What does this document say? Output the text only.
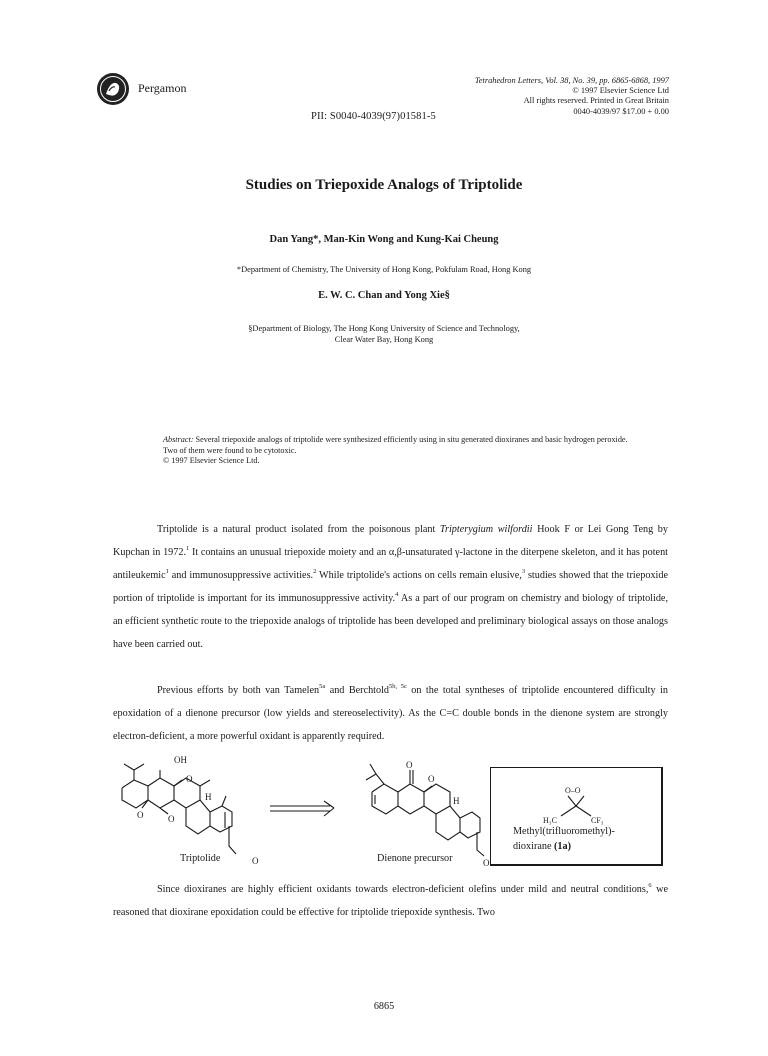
Pergamon
Tetrahedron Letters, Vol. 38, No. 39, pp. 6865-6868, 1997
© 1997 Elsevier Science Ltd
All rights reserved. Printed in Great Britain
0040-4039/97 $17.00 + 0.00
PII: S0040-4039(97)01581-5
Studies on Triepoxide Analogs of Triptolide
Dan Yang*, Man-Kin Wong and Kung-Kai Cheung
*Department of Chemistry, The University of Hong Kong, Pokfulam Road, Hong Kong
E. W. C. Chan and Yong Xie§
§Department of Biology, The Hong Kong University of Science and Technology,
Clear Water Bay, Hong Kong
Abstract: Several triepoxide analogs of triptolide were synthesized efficiently using in situ generated dioxiranes and basic hydrogen peroxide. Two of them were found to be cytotoxic.
© 1997 Elsevier Science Ltd.
Triptolide is a natural product isolated from the poisonous plant Tripterygium wilfordii Hook F or Lei Gong Teng by Kupchan in 1972.$^1$ It contains an unusual triepoxide moiety and an α,β-unsaturated γ-lactone in the diterpene skeleton, and it has potent antileukemic$^1$ and immunosuppressive activities.$^2$ While triptolide's actions on cells remain elusive,$^3$ studies showed that the triepoxide portion of triptolide is important for its immunosuppressive activity.$^4$ As a part of our program on chemistry and biology of triptolide, an efficient synthetic route to the triepoxide analogs of triptolide has been developed and preliminary biological assays on those analogs have been carried out.
Previous efforts by both van Tamelen$^{5a}$ and Berchtold$^{5b, 5c}$ on the total syntheses of triptolide encountered difficulty in epoxidation of a dienone precursor (low yields and stereoselectivity). As the C=C double bonds in the dienone system are strongly electron-deficient, a more powerful oxidant is apparently required.
OH
O
O	O
H
O
O
O
H
O
Triptolide	Dienone precursor
O–O
H₃C	CF₃
Methyl(trifluoromethyl)-
dioxirane (1a)
Since dioxiranes are highly efficient oxidants towards electron-deficient olefins under mild and neutral conditions,$^6$ we reasoned that dioxirane epoxidation could be effective for triptolide triepoxide synthesis. Two
6865
